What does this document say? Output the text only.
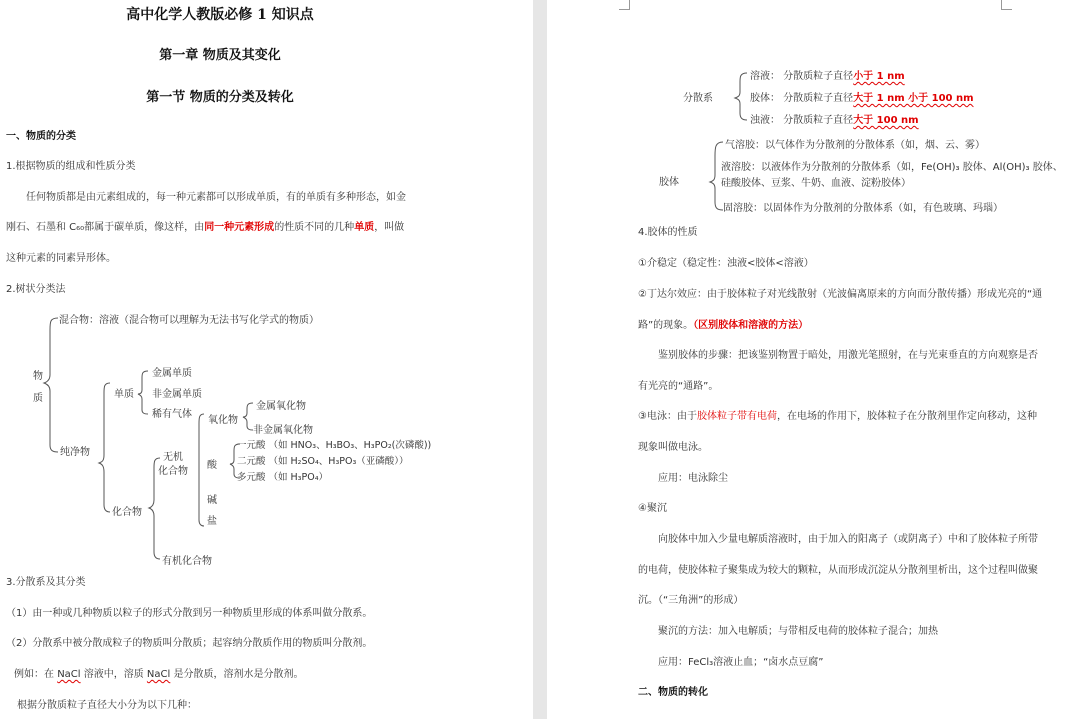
高中化学人教版必修 1 知识点
第一章 物质及其变化
第一节 物质的分类及转化
一、物质的分类
1.根据物质的组成和性质分类
任何物质都是由元素组成的，每一种元素都可以形成单质，有的单质有多种形态，如金
刚石、石墨和 C₆₀都属于碳单质，像这样，由同一种元素形成的性质不同的几种单质，叫做
这种元素的同素异形体。
2.树状分类法
混合物：溶液（混合物可以理解为无法书写化学式的物质）
物
质
纯净物
单质
金属单质
非金属单质
稀有气体
化合物
无机
化合物
氧化物
金属氧化物
非金属氧化物
酸
一元酸 （如 HNO₃、H₃BO₃、H₃PO₂(次磷酸))
二元酸 （如 H₂SO₄、H₃PO₃（亚磷酸））
多元酸 （如 H₃PO₄）
碱
盐
有机化合物
3.分散系及其分类
（1）由一种或几种物质以粒子的形式分散到另一种物质里形成的体系叫做分散系。
（2）分散系中被分散成粒子的物质叫分散质；起容纳分散质作用的物质叫分散剂。
例如：在 NaCl 溶液中，溶质 NaCl 是分散质，溶剂水是分散剂。
根据分散质粒子直径大小分为以下几种：
分散系
溶液： 分散质粒子直径小于 1 nm
胶体： 分散质粒子直径大于 1 nm 小于 100 nm
浊液： 分散质粒子直径大于 100 nm
胶体
气溶胶：以气体作为分散剂的分散体系（如，烟、云、雾）
液溶胶：以液体作为分散剂的分散体系（如，Fe(OH)₃ 胶体、Al(OH)₃ 胶体、
硅酸胶体、豆浆、牛奶、血液、淀粉胶体）
固溶胶：以固体作为分散剂的分散体系（如，有色玻璃、玛瑙）
4.胶体的性质
①介稳定（稳定性：浊液<胶体<溶液）
②丁达尔效应：由于胶体粒子对光线散射（光波偏离原来的方向而分散传播）形成光亮的“通
路”的现象。（区别胶体和溶液的方法）
鉴别胶体的步骤：把该鉴别物置于暗处，用激光笔照射，在与光束垂直的方向观察是否
有光亮的“通路”。
③电泳：由于胶体粒子带有电荷，在电场的作用下，胶体粒子在分散剂里作定向移动，这种
现象叫做电泳。
应用：电泳除尘
④聚沉
向胶体中加入少量电解质溶液时，由于加入的阳离子（或阴离子）中和了胶体粒子所带
的电荷，使胶体粒子聚集成为较大的颗粒，从而形成沉淀从分散剂里析出，这个过程叫做聚
沉。（“三角洲”的形成）
聚沉的方法：加入电解质；与带相反电荷的胶体粒子混合；加热
应用：FeCl₃溶液止血；“卤水点豆腐”
二、物质的转化
